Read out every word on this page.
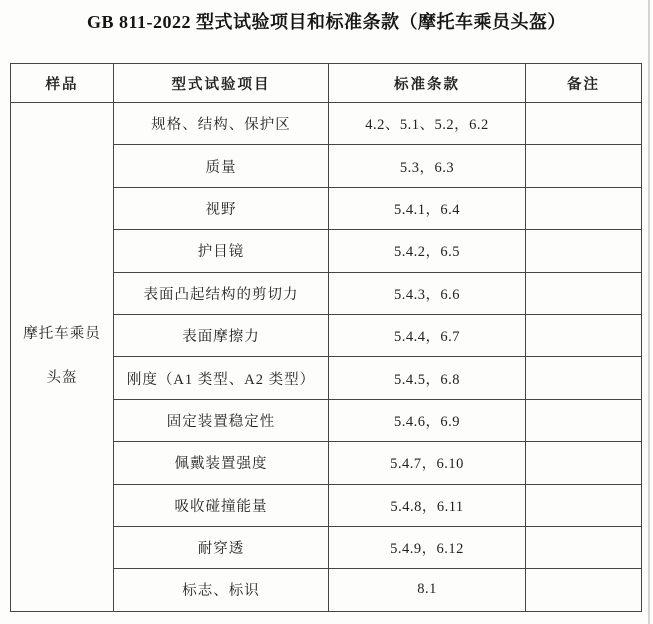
GB 811-2022 型式试验项目和标准条款（摩托车乘员头盔）
样品	型式试验项目	标准条款	备注

摩托车乘员
头盔	规格、结构、保护区	4.2、5.1、5.2，6.2	
	质量	5.3，6.3	
	视野	5.4.1，6.4	
	护目镜	5.4.2，6.5	
	表面凸起结构的剪切力	5.4.3，6.6	
	表面摩擦力	5.4.4，6.7	
	刚度（A1 类型、A2 类型）	5.4.5，6.8	
	固定装置稳定性	5.4.6，6.9	
	佩戴装置强度	5.4.7，6.10	
	吸收碰撞能量	5.4.8，6.11	
	耐穿透	5.4.9，6.12	
	标志、标识	8.1	
